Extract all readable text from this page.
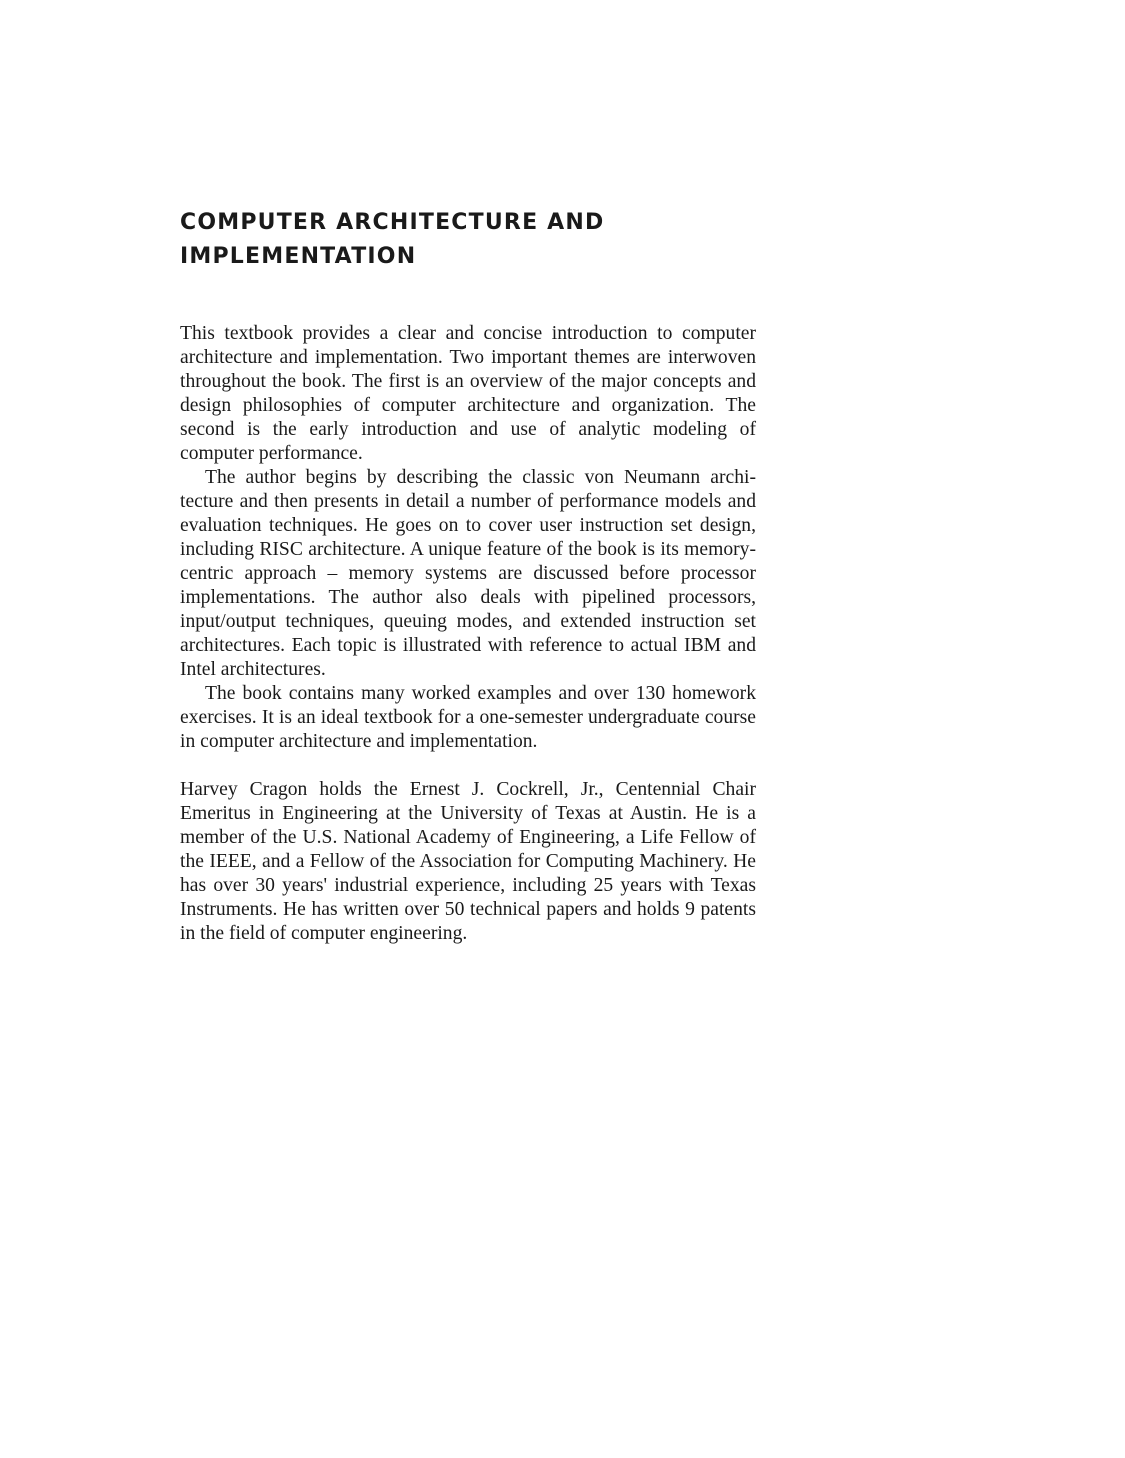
COMPUTER ARCHITECTURE AND
IMPLEMENTATION

This textbook provides a clear and concise introduction to computer architecture and implementation. Two important themes are interwoven throughout the book. The first is an overview of the major concepts and design philosophies of computer architecture and organization. The second is the early introduction and use of analytic modeling of computer performance.

The author begins by describing the classic von Neumann architecture and then presents in detail a number of performance models and evaluation techniques. He goes on to cover user instruction set design, including RISC architecture. A unique feature of the book is its memory-centric approach – memory systems are discussed before processor implementations. The author also deals with pipelined processors, input/output techniques, queuing modes, and extended instruction set architectures. Each topic is illustrated with reference to actual IBM and Intel architectures.

The book contains many worked examples and over 130 homework exercises. It is an ideal textbook for a one-semester undergraduate course in computer architecture and implementation.

Harvey Cragon holds the Ernest J. Cockrell, Jr., Centennial Chair Emeritus in Engineering at the University of Texas at Austin. He is a member of the U.S. National Academy of Engineering, a Life Fellow of the IEEE, and a Fellow of the Association for Computing Machinery. He has over 30 years' industrial experience, including 25 years with Texas Instruments. He has written over 50 technical papers and holds 9 patents in the field of computer engineering.
